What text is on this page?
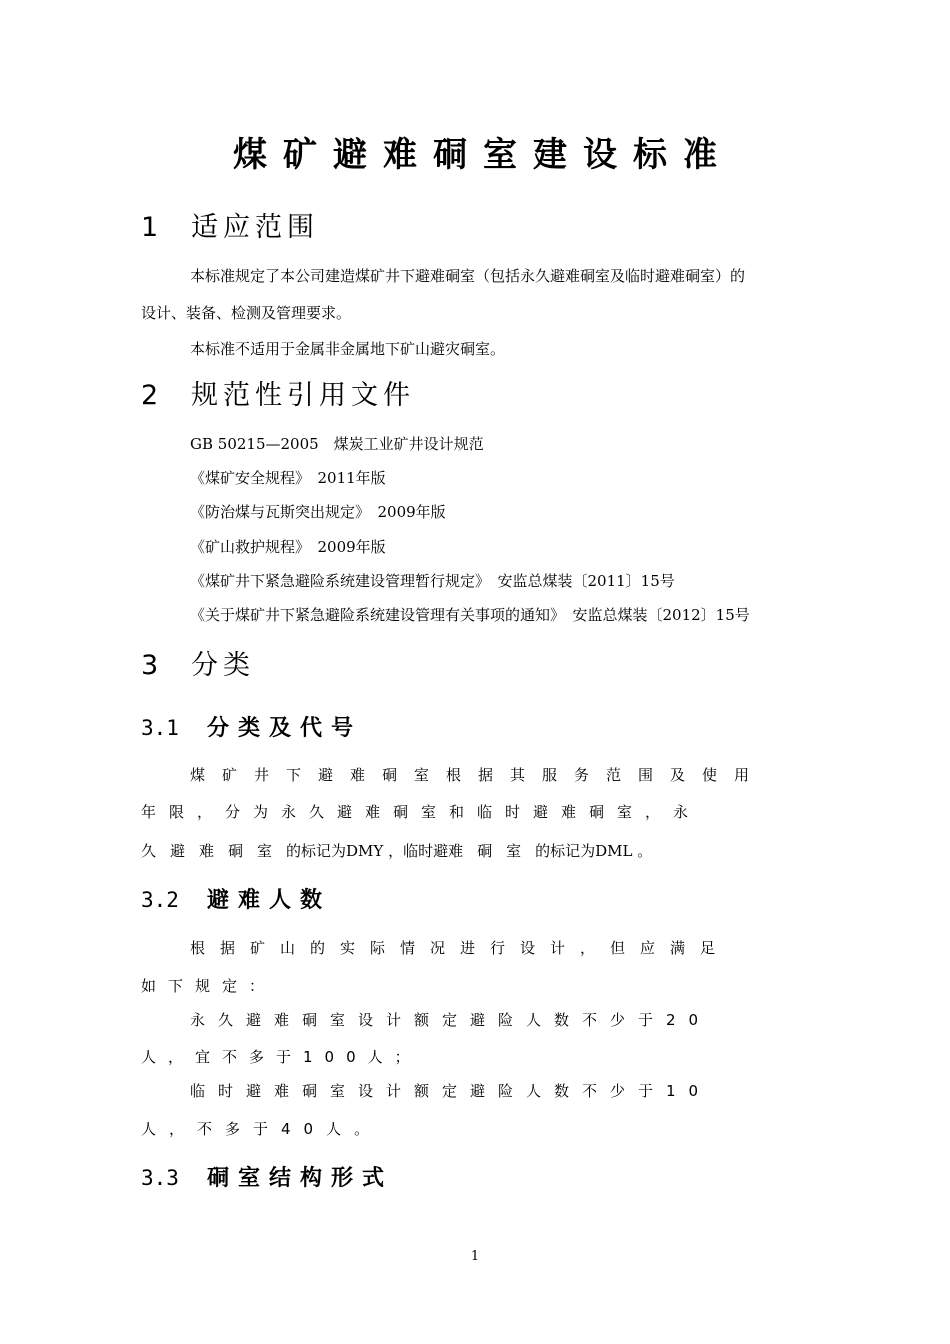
煤矿避难硐室建设标准
1 适应范围
本标准规定了本公司建造煤矿井下避难硐室（包括永久避难硐室及临时避难硐室）的
设计、装备、检测及管理要求。
本标准不适用于金属非金属地下矿山避灾硐室。
2 规范性引用文件
GB 50215—2005　煤炭工业矿井设计规范
《煤矿安全规程》　2011年版
《防治煤与瓦斯突出规定》　2009年版
《矿山救护规程》　2009年版
《煤矿井下紧急避险系统建设管理暂行规定》　安监总煤装〔2011〕15号
《关于煤矿井下紧急避险系统建设管理有关事项的通知》　安监总煤装〔2012〕15号
3 分类
3.1 分类及代号
煤矿井下避难硐室根据其服务范围及使用
年限，分为永久避难硐室和临时避难硐室，永
久避难硐室的标记为DMY ，临时避难硐室的标记为DML 。
3.2 避难人数
根据矿山的实际情况进行设计，但应满足
如下规定：
永久避难硐室设计额定避险人数不少于20
人，宜不多于100人；
临时避难硐室设计额定避险人数不少于10
人，不多于40人。
3.3 硐室结构形式
1
